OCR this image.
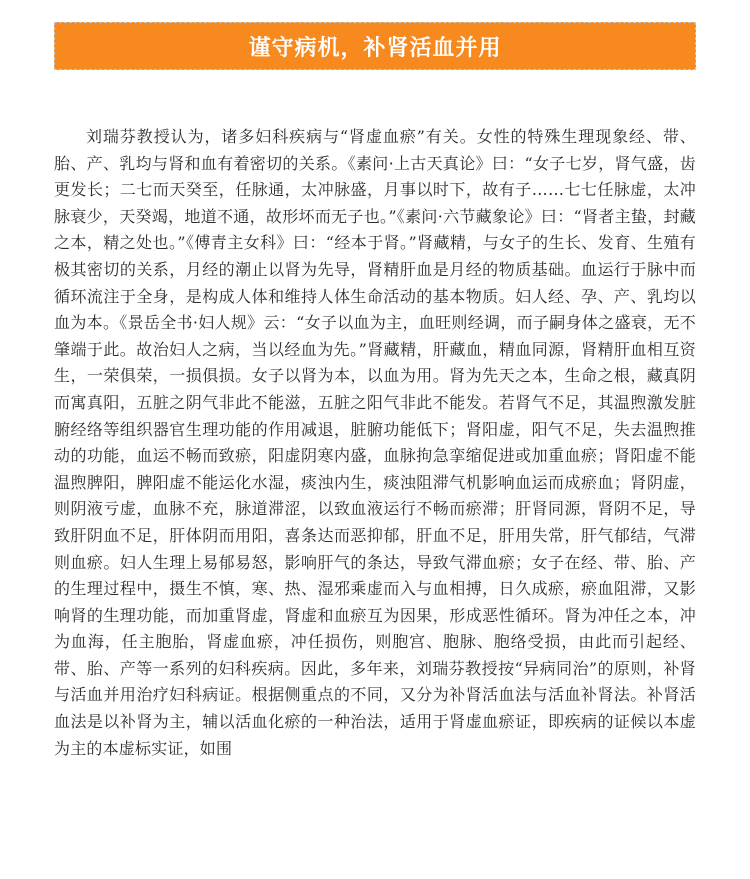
谨守病机，补肾活血并用

刘瑞芬教授认为，诸多妇科疾病与“肾虚血瘀”有关。女性的特殊生理现象经、带、胎、产、乳均与肾和血有着密切的关系。《素问·上古天真论》曰：“女子七岁，肾气盛，齿更发长；二七而天癸至，任脉通，太冲脉盛，月事以时下，故有子……七七任脉虚，太冲脉衰少，天癸竭，地道不通，故形坏而无子也。”《素问·六节藏象论》曰：“肾者主蛰，封藏之本，精之处也。”《傅青主女科》曰：“经本于肾。”肾藏精，与女子的生长、发育、生殖有极其密切的关系，月经的潮止以肾为先导，肾精肝血是月经的物质基础。血运行于脉中而循环流注于全身，是构成人体和维持人体生命活动的基本物质。妇人经、孕、产、乳均以血为本。《景岳全书·妇人规》云：“女子以血为主，血旺则经调，而子嗣身体之盛衰，无不肇端于此。故治妇人之病，当以经血为先。”肾藏精，肝藏血，精血同源，肾精肝血相互资生，一荣俱荣，一损俱损。女子以肾为本，以血为用。肾为先天之本，生命之根，藏真阴而寓真阳，五脏之阴气非此不能滋，五脏之阳气非此不能发。若肾气不足，其温煦激发脏腑经络等组织器官生理功能的作用减退，脏腑功能低下；肾阳虚，阳气不足，失去温煦推动的功能，血运不畅而致瘀，阳虚阴寒内盛，血脉拘急挛缩促进或加重血瘀；肾阳虚不能温煦脾阳，脾阳虚不能运化水湿，痰浊内生，痰浊阻滞气机影响血运而成瘀血；肾阴虚，则阴液亏虚，血脉不充，脉道滞涩，以致血液运行不畅而瘀滞；肝肾同源，肾阴不足，导致肝阴血不足，肝体阴而用阳，喜条达而恶抑郁，肝血不足，肝用失常，肝气郁结，气滞则血瘀。妇人生理上易郁易怒，影响肝气的条达，导致气滞血瘀；女子在经、带、胎、产的生理过程中，摄生不慎，寒、热、湿邪乘虚而入与血相搏，日久成瘀，瘀血阻滞，又影响肾的生理功能，而加重肾虚，肾虚和血瘀互为因果，形成恶性循环。肾为冲任之本，冲为血海，任主胞胎，肾虚血瘀，冲任损伤，则胞宫、胞脉、胞络受损，由此而引起经、带、胎、产等一系列的妇科疾病。因此，多年来，刘瑞芬教授按“异病同治”的原则，补肾与活血并用治疗妇科病证。根据侧重点的不同，又分为补肾活血法与活血补肾法。补肾活血法是以补肾为主，辅以活血化瘀的一种治法，适用于肾虚血瘀证，即疾病的证候以本虚为主的本虚标实证，如围
